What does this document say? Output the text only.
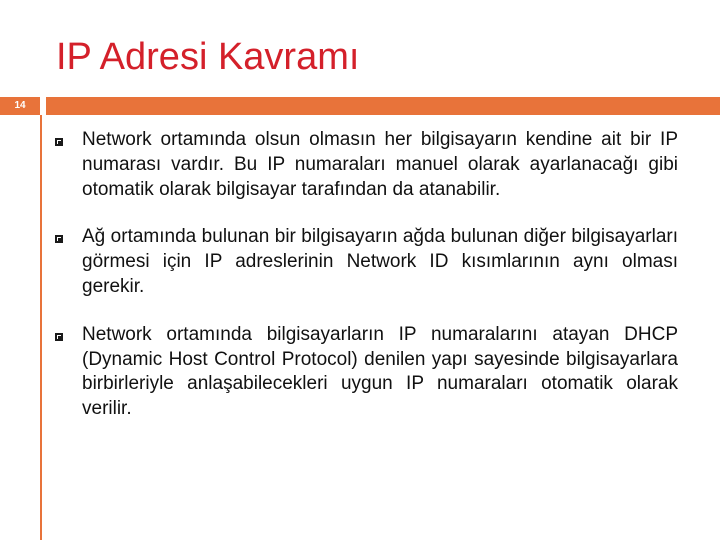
IP Adresi Kavramı
14
Network ortamında olsun olmasın her bilgisayarın kendine ait bir IP numarası vardır. Bu IP numaraları manuel olarak ayarlanacağı gibi otomatik olarak bilgisayar tarafından da atanabilir.
Ağ ortamında bulunan bir bilgisayarın ağda bulunan diğer bilgisayarları görmesi için IP adreslerinin Network ID kısımlarının aynı olması gerekir.
Network ortamında bilgisayarların IP numaralarını atayan DHCP (Dynamic Host Control Protocol) denilen yapı sayesinde bilgisayarlara birbirleriyle anlaşabilecekleri uygun IP numaraları otomatik olarak verilir.
